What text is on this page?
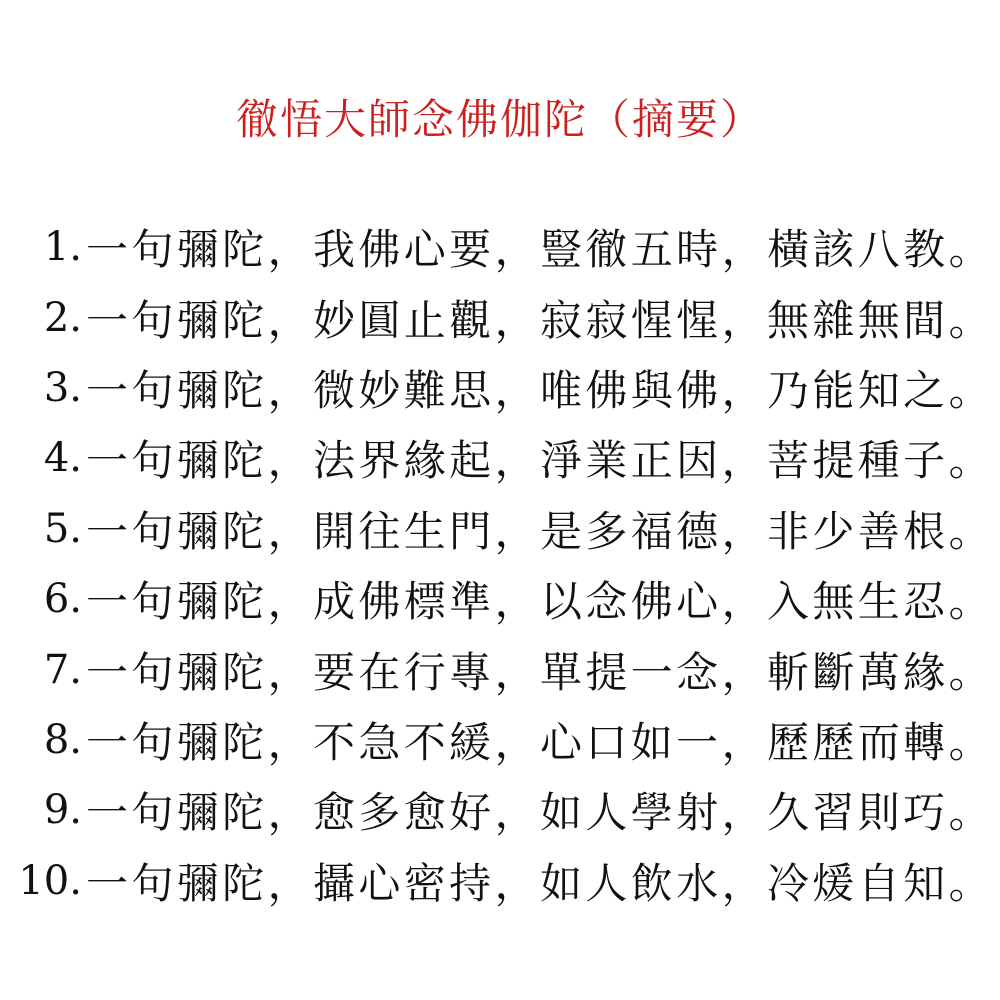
徹悟大師念佛伽陀（摘要）
1. 一句彌陀，我佛心要，豎徹五時，橫該八教。
2. 一句彌陀，妙圓止觀，寂寂惺惺，無雜無間。
3. 一句彌陀，微妙難思，唯佛與佛，乃能知之。
4. 一句彌陀，法界緣起，淨業正因，菩提種子。
5. 一句彌陀，開往生門，是多福德，非少善根。
6. 一句彌陀，成佛標準，以念佛心，入無生忍。
7. 一句彌陀，要在行專，單提一念，斬斷萬緣。
8. 一句彌陀，不急不緩，心口如一，歷歷而轉。
9. 一句彌陀，愈多愈好，如人學射，久習則巧。
10. 一句彌陀，攝心密持，如人飲水，冷煖自知。
